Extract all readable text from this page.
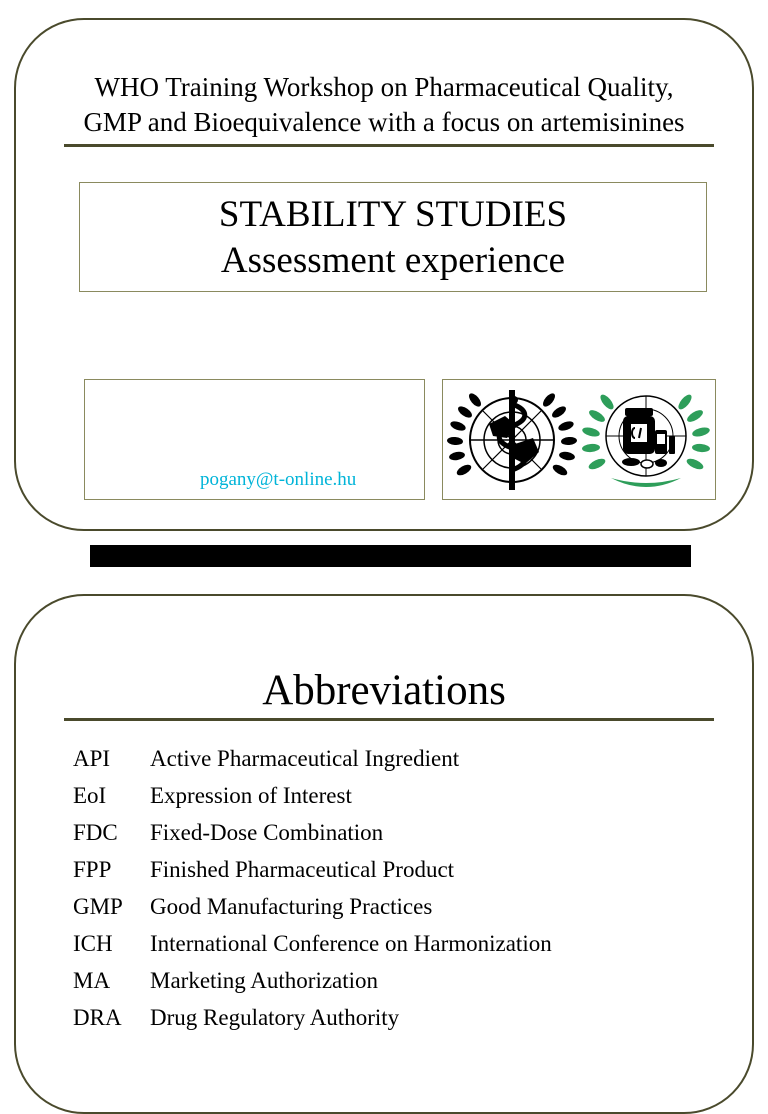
WHO Training Workshop on Pharmaceutical Quality,
GMP and Bioequivalence with a focus on artemisinines
STABILITY STUDIES
Assessment experience
pogany@t-online.hu
Abbreviations
API Active Pharmaceutical Ingredient
EoI Expression of Interest
FDC Fixed-Dose Combination
FPP Finished Pharmaceutical Product
GMP Good Manufacturing Practices
ICH International Conference on Harmonization
MA Marketing Authorization
DRA Drug Regulatory Authority
